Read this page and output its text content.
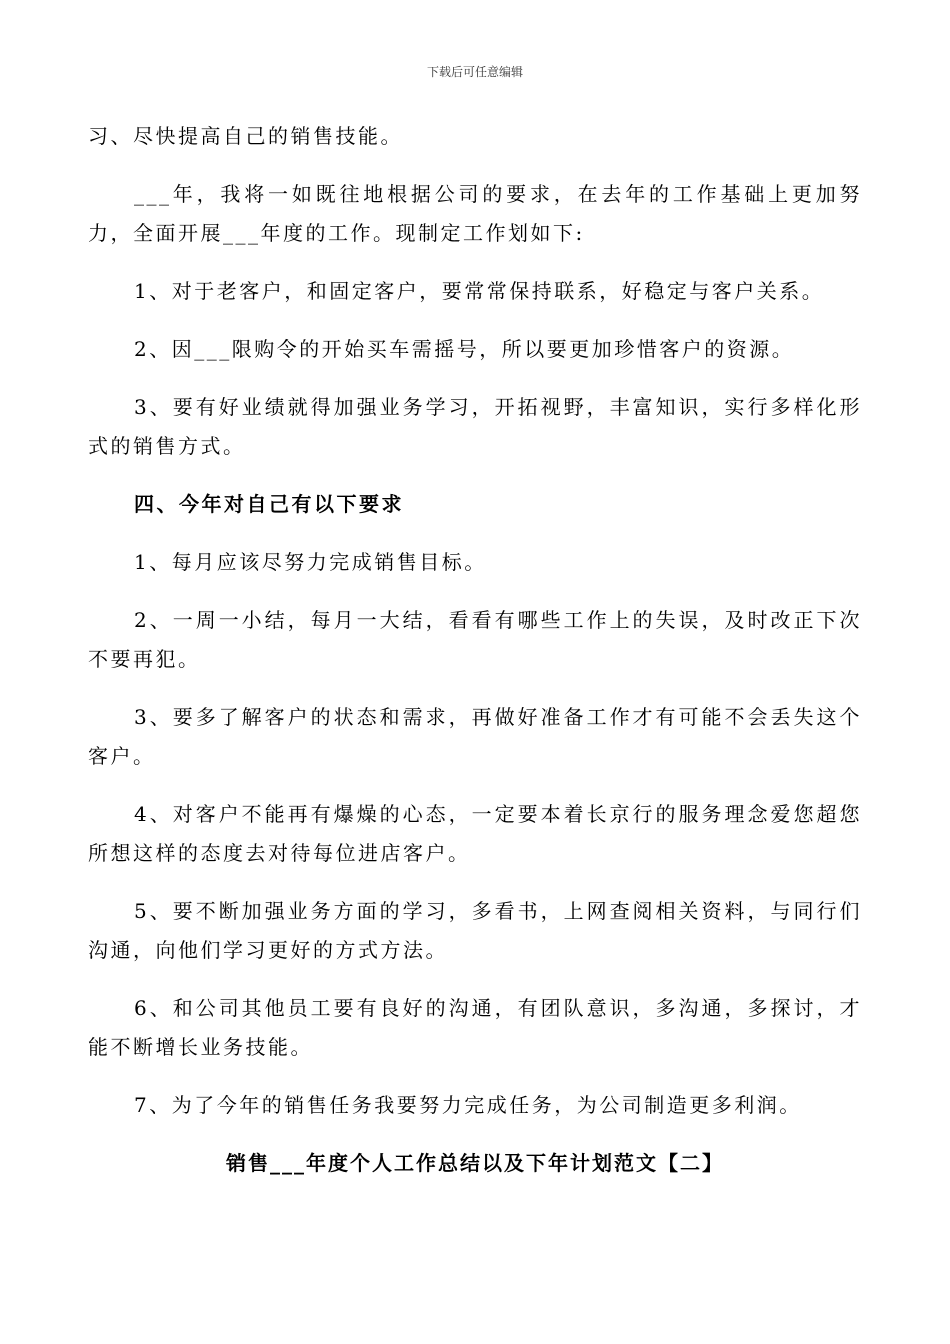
下载后可任意编辑

习、尽快提高自己的销售技能。

___年，我将一如既往地根据公司的要求，在去年的工作基础上更加努力，全面开展___年度的工作。现制定工作划如下:

1、对于老客户，和固定客户，要常常保持联系，好稳定与客户关系。

2、因___限购令的开始买车需摇号，所以要更加珍惜客户的资源。

3、要有好业绩就得加强业务学习，开拓视野，丰富知识，实行多样化形式的销售方式。

四、今年对自己有以下要求

1、每月应该尽努力完成销售目标。

2、一周一小结，每月一大结，看看有哪些工作上的失误，及时改正下次不要再犯。

3、要多了解客户的状态和需求，再做好准备工作才有可能不会丢失这个客户。

4、对客户不能再有爆燥的心态，一定要本着长京行的服务理念爱您超您所想这样的态度去对待每位进店客户。

5、要不断加强业务方面的学习，多看书，上网查阅相关资料，与同行们沟通，向他们学习更好的方式方法。

6、和公司其他员工要有良好的沟通，有团队意识，多沟通，多探讨，才能不断增长业务技能。

7、为了今年的销售任务我要努力完成任务，为公司制造更多利润。

销售___年度个人工作总结以及下年计划范文【二】
